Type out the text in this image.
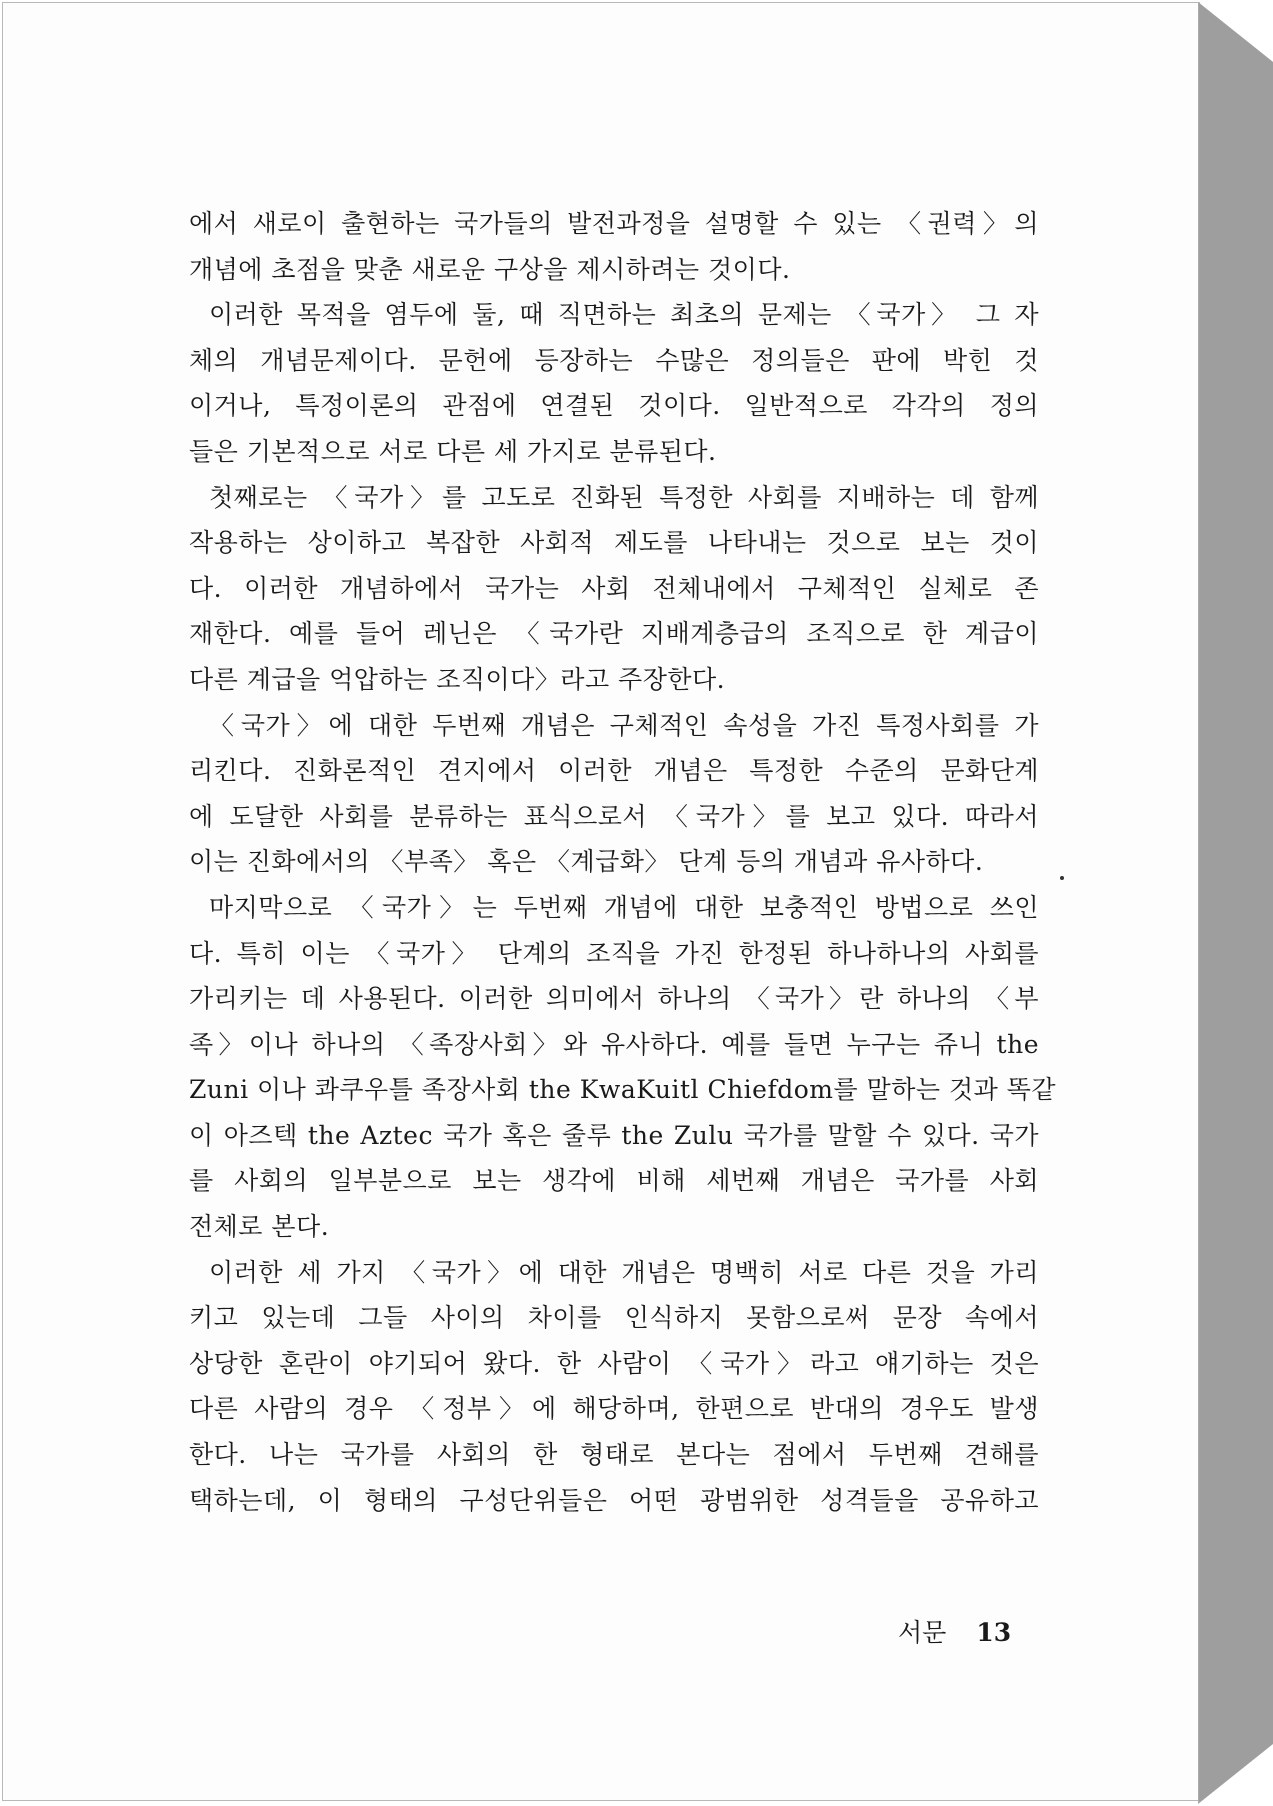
에서 새로이 출현하는 국가들의 발전과정을 설명할 수 있는 〈권력〉의
개념에 초점을 맞춘 새로운 구상을 제시하려는 것이다.
이러한 목적을 염두에 둘, 때 직면하는 최초의 문제는 〈국가〉 그 자
체의 개념문제이다. 문헌에 등장하는 수많은 정의들은 판에 박힌 것
이거나, 특정이론의 관점에 연결된 것이다. 일반적으로 각각의 정의
들은 기본적으로 서로 다른 세 가지로 분류된다.
첫째로는 〈국가〉를 고도로 진화된 특정한 사회를 지배하는 데 함께
작용하는 상이하고 복잡한 사회적 제도를 나타내는 것으로 보는 것이
다. 이러한 개념하에서 국가는 사회 전체내에서 구체적인 실체로 존
재한다. 예를 들어 레닌은 〈국가란 지배계층급의 조직으로 한 계급이
다른 계급을 억압하는 조직이다〉라고 주장한다.
〈국가〉에 대한 두번째 개념은 구체적인 속성을 가진 특정사회를 가
리킨다. 진화론적인 견지에서 이러한 개념은 특정한 수준의 문화단계
에 도달한 사회를 분류하는 표식으로서 〈국가〉를 보고 있다. 따라서
이는 진화에서의 〈부족〉 혹은 〈계급화〉 단계 등의 개념과 유사하다.
마지막으로 〈국가〉는 두번째 개념에 대한 보충적인 방법으로 쓰인
다. 특히 이는 〈국가〉 단계의 조직을 가진 한정된 하나하나의 사회를
가리키는 데 사용된다. 이러한 의미에서 하나의 〈국가〉란 하나의 〈부
족〉이나 하나의 〈족장사회〉와 유사하다. 예를 들면 누구는 쥬니 the
Zuni 이나 콰쿠우틀 족장사회 the KwaKuitl Chiefdom를 말하는 것과 똑같
이 아즈텍 the Aztec 국가 혹은 줄루 the Zulu 국가를 말할 수 있다. 국가
를 사회의 일부분으로 보는 생각에 비해 세번째 개념은 국가를 사회
전체로 본다.
이러한 세 가지 〈국가〉에 대한 개념은 명백히 서로 다른 것을 가리
키고 있는데 그들 사이의 차이를 인식하지 못함으로써 문장 속에서
상당한 혼란이 야기되어 왔다. 한 사람이 〈국가〉라고 얘기하는 것은
다른 사람의 경우 〈정부〉에 해당하며, 한편으로 반대의 경우도 발생
한다. 나는 국가를 사회의 한 형태로 본다는 점에서 두번째 견해를
택하는데, 이 형태의 구성단위들은 어떤 광범위한 성격들을 공유하고
서문 13
